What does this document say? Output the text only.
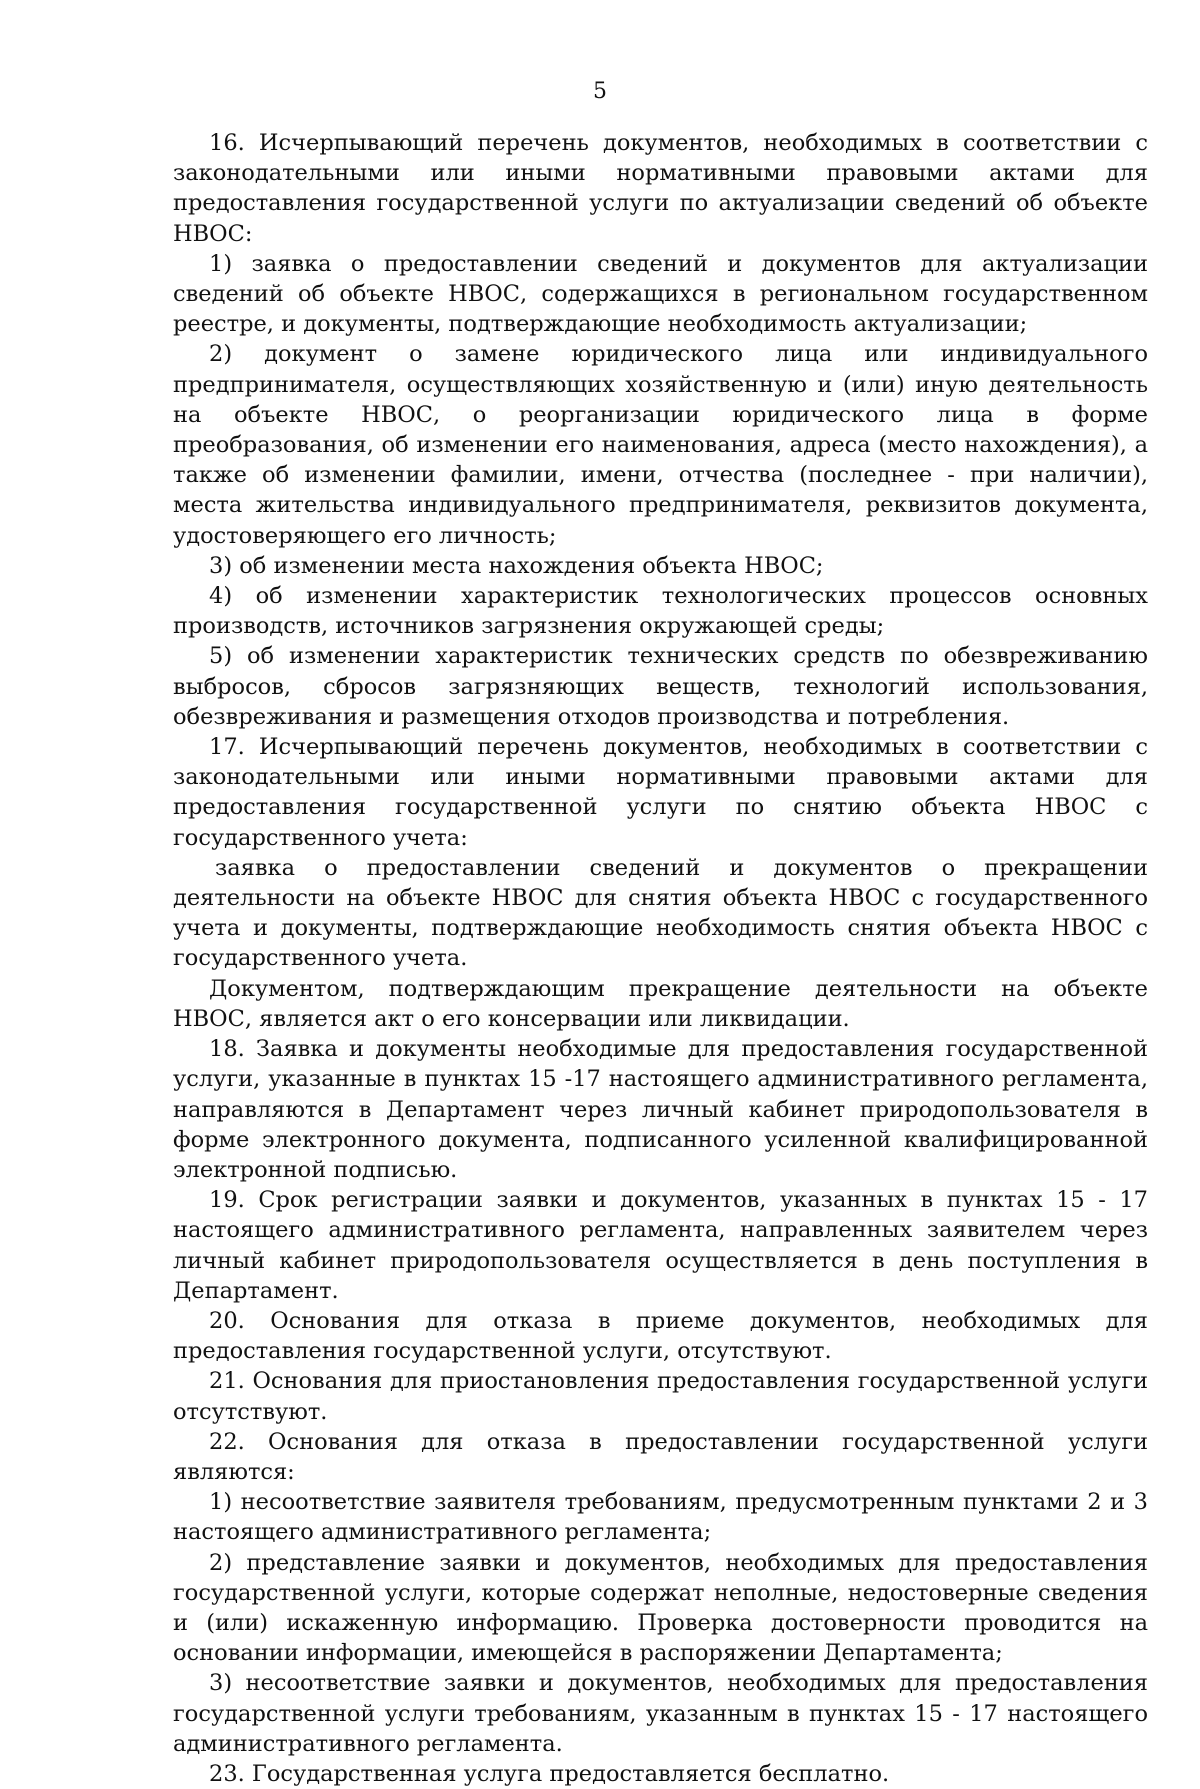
5

16. Исчерпывающий перечень документов, необходимых в соответствии с законодательными или иными нормативными правовыми актами для предоставления государственной услуги по актуализации сведений об объекте НВОС:

1) заявка о предоставлении сведений и документов для актуализации сведений об объекте НВОС, содержащихся в региональном государственном реестре, и документы, подтверждающие необходимость актуализации;

2) документ о замене юридического лица или индивидуального предпринимателя, осуществляющих хозяйственную и (или) иную деятельность на объекте НВОС, о реорганизации юридического лица в форме преобразования, об изменении его наименования, адреса (место нахождения), а также об изменении фамилии, имени, отчества (последнее - при наличии), места жительства индивидуального предпринимателя, реквизитов документа, удостоверяющего его личность;

3) об изменении места нахождения объекта НВОС;

4) об изменении характеристик технологических процессов основных производств, источников загрязнения окружающей среды;

5) об изменении характеристик технических средств по обезвреживанию выбросов, сбросов загрязняющих веществ, технологий использования, обезвреживания и размещения отходов производства и потребления.

17. Исчерпывающий перечень документов, необходимых в соответствии с законодательными или иными нормативными правовыми актами для предоставления государственной услуги по снятию объекта НВОС с государственного учета:

заявка о предоставлении сведений и документов о прекращении деятельности на объекте НВОС для снятия объекта НВОС с государственного учета и документы, подтверждающие необходимость снятия объекта НВОС с государственного учета.

Документом, подтверждающим прекращение деятельности на объекте НВОС, является акт о его консервации или ликвидации.

18. Заявка и документы необходимые для предоставления государственной услуги, указанные в пунктах 15 -17 настоящего административного регламента, направляются в Департамент через личный кабинет природопользователя в форме электронного документа, подписанного усиленной квалифицированной электронной подписью.

19. Срок регистрации заявки и документов, указанных в пунктах 15 - 17 настоящего административного регламента, направленных заявителем через личный кабинет природопользователя осуществляется в день поступления в Департамент.

20. Основания для отказа в приеме документов, необходимых для предоставления государственной услуги, отсутствуют.

21. Основания для приостановления предоставления государственной услуги отсутствуют.

22. Основания для отказа в предоставлении государственной услуги являются:

1) несоответствие заявителя требованиям, предусмотренным пунктами 2 и 3 настоящего административного регламента;

2) представление заявки и документов, необходимых для предоставления государственной услуги, которые содержат неполные, недостоверные сведения и (или) искаженную информацию. Проверка достоверности проводится на основании информации, имеющейся в распоряжении Департамента;

3) несоответствие заявки и документов, необходимых для предоставления государственной услуги требованиям, указанным в пунктах 15 - 17 настоящего административного регламента.

23. Государственная услуга предоставляется бесплатно.
